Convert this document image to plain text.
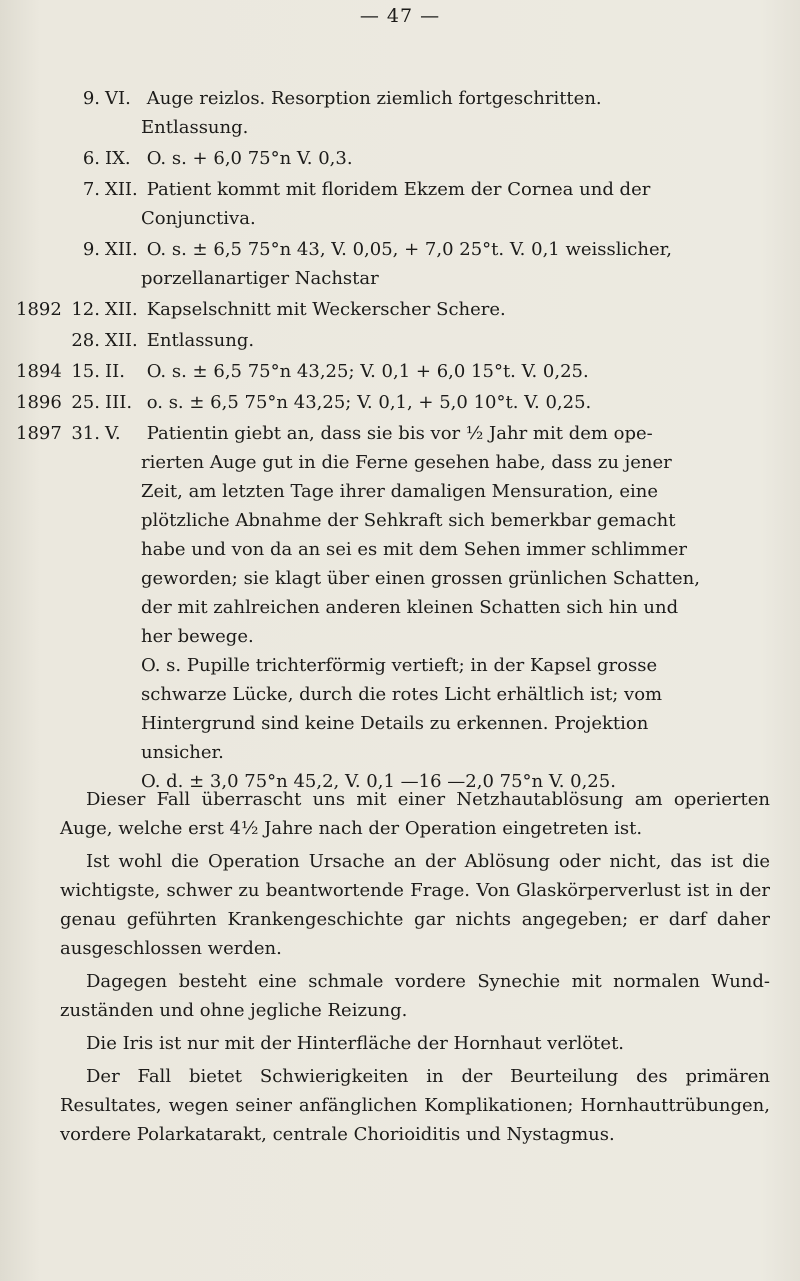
— 47 —
9. VI. Auge reizlos. Resorption ziemlich fortgeschritten.
Entlassung.
6. IX. O. s. + 6,0 75°n V. 0,3.
7. XII. Patient kommt mit floridem Ekzem der Cornea und der
Conjunctiva.
9. XII. O. s. ± 6,5 75°n 43, V. 0,05, + 7,0 25°t. V. 0,1 weisslicher,
porzellanartiger Nachstar
1892 12. XII. Kapselschnitt mit Weckerscher Schere.
28. XII. Entlassung.
1894 15. II. O. s. ± 6,5 75°n 43,25; V. 0,1 + 6,0 15°t. V. 0,25.
1896 25. III. o. s. ± 6,5 75°n 43,25; V. 0,1, + 5,0 10°t. V. 0,25.
1897 31. V. Patientin giebt an, dass sie bis vor ½ Jahr mit dem ope-
rierten Auge gut in die Ferne gesehen habe, dass zu jener
Zeit, am letzten Tage ihrer damaligen Mensuration, eine
plötzliche Abnahme der Sehkraft sich bemerkbar gemacht
habe und von da an sei es mit dem Sehen immer schlimmer
geworden; sie klagt über einen grossen grünlichen Schatten,
der mit zahlreichen anderen kleinen Schatten sich hin und
her bewege.
O. s. Pupille trichterförmig vertieft; in der Kapsel grosse
schwarze Lücke, durch die rotes Licht erhältlich ist; vom
Hintergrund sind keine Details zu erkennen. Projektion
unsicher.
O. d. ± 3,0 75°n 45,2, V. 0,1 —16 —2,0 75°n V. 0,25.

Dieser Fall überrascht uns mit einer Netzhautablösung am operierten Auge, welche erst 4½ Jahre nach der Operation eingetreten ist.

Ist wohl die Operation Ursache an der Ablösung oder nicht, das ist die wichtigste, schwer zu beantwortende Frage. Von Glaskörperverlust ist in der genau geführten Krankengeschichte gar nichts angegeben; er darf daher ausgeschlossen werden.

Dagegen besteht eine schmale vordere Synechie mit normalen Wund-zuständen und ohne jegliche Reizung.

Die Iris ist nur mit der Hinterfläche der Hornhaut verlötet.

Der Fall bietet Schwierigkeiten in der Beurteilung des primären Resultates, wegen seiner anfänglichen Komplikationen; Hornhauttrübungen, vordere Polarkatarakt, centrale Chorioiditis und Nystagmus.
